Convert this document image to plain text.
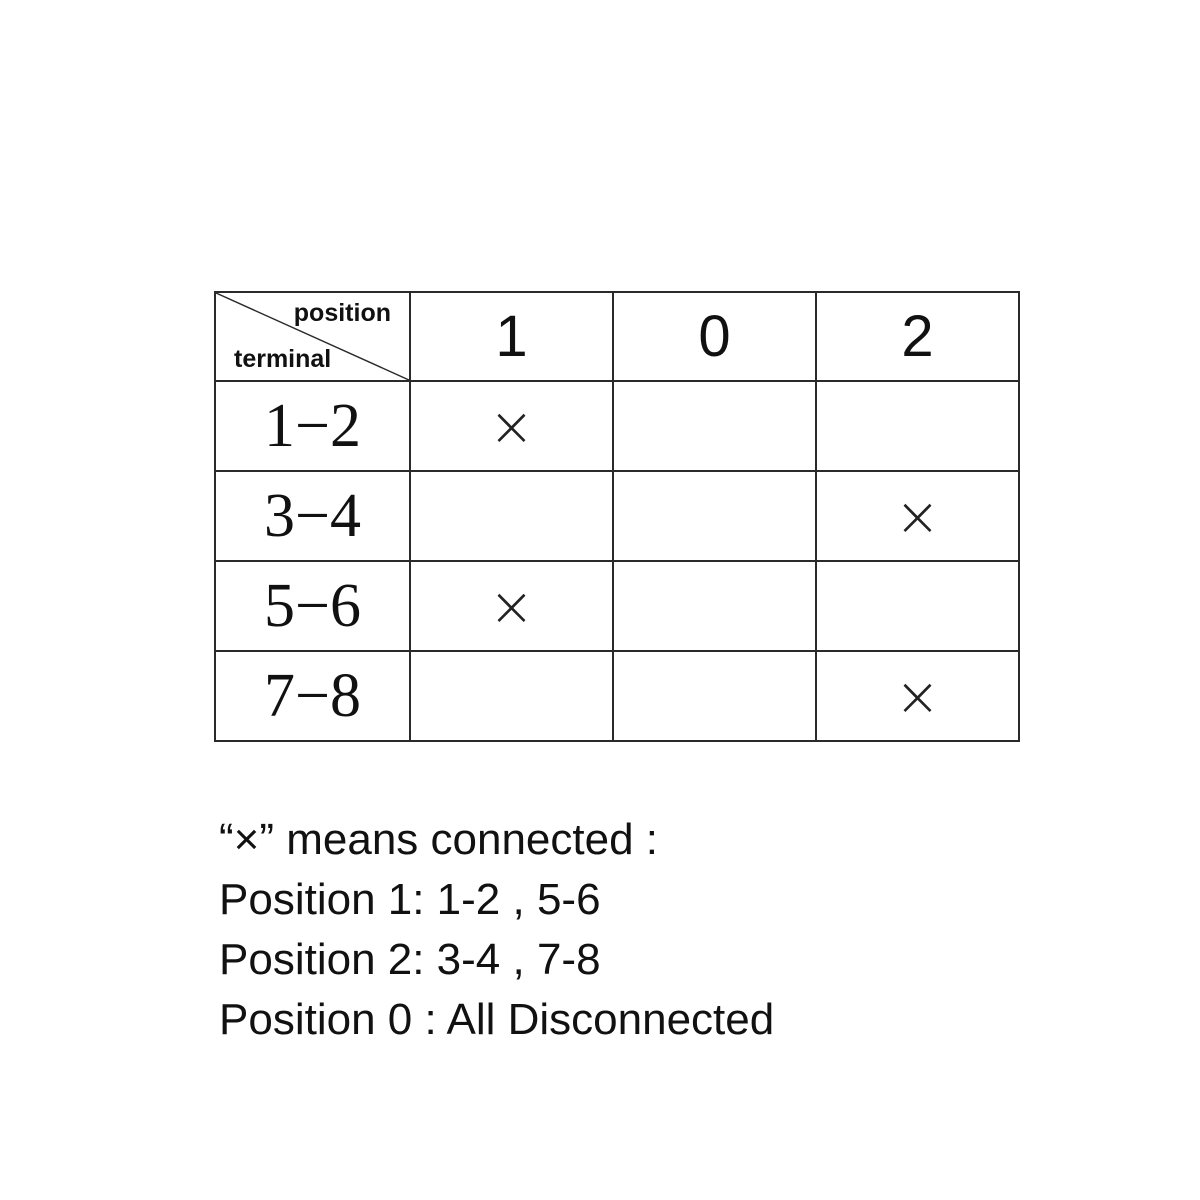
position
terminal	1	0	2
1−2	×		
3−4			×
5−6	×		
7−8			×
“×” means connected :
Position 1: 1-2 , 5-6
Position 2: 3-4 , 7-8
Position 0 : All Disconnected
